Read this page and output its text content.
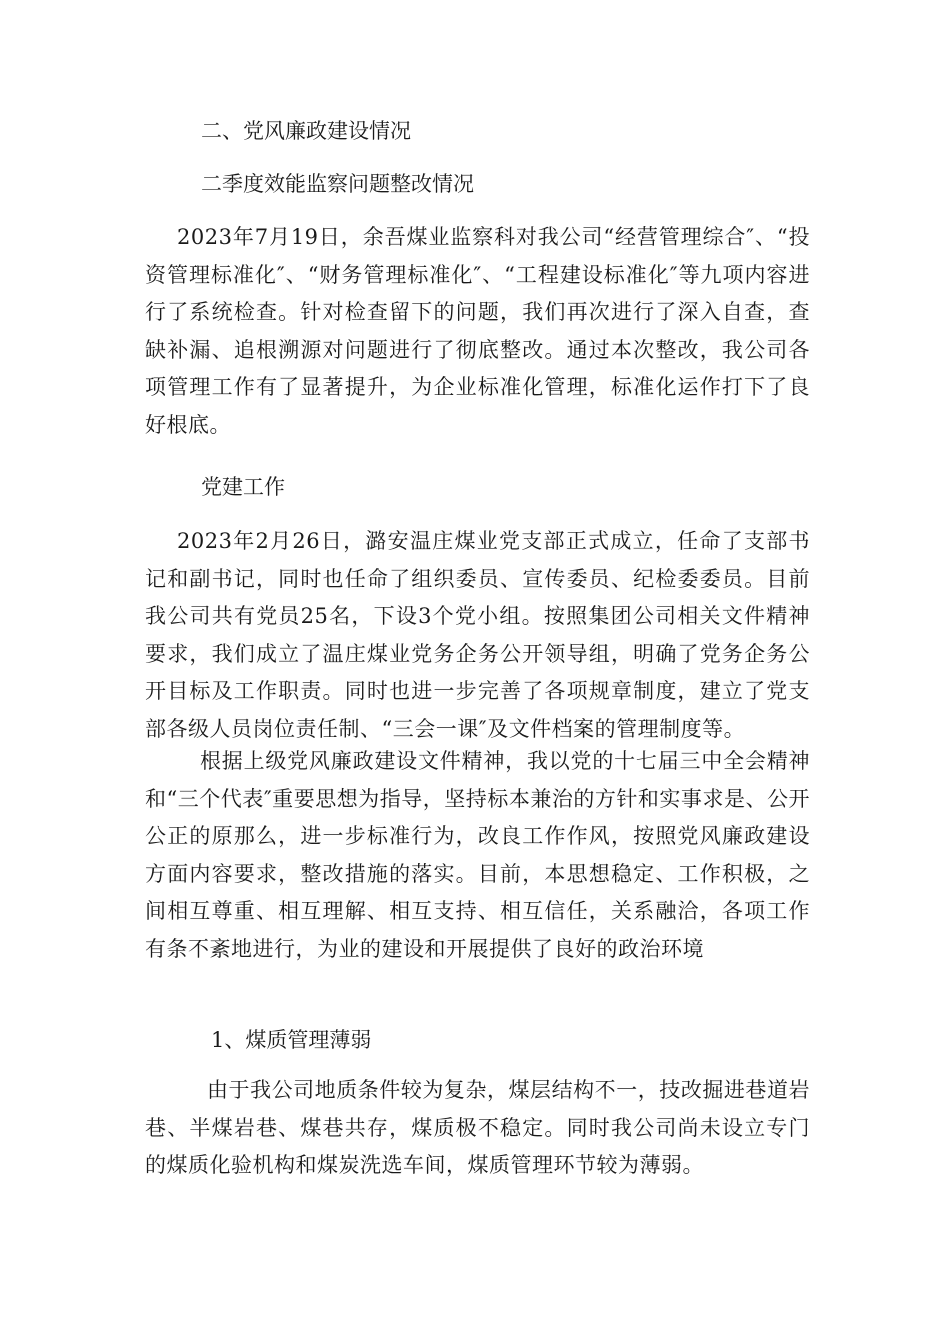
二、党风廉政建设情况
二季度效能监察问题整改情况

2023年7月19日，余吾煤业监察科对我公司“经营管理综合″、“投资管理标准化″、“财务管理标准化″、“工程建设标准化″等九项内容进行了系统检查。针对检查留下的问题，我们再次进行了深入自查，查缺补漏、追根溯源对问题进行了彻底整改。通过本次整改，我公司各项管理工作有了显著提升，为企业标准化管理，标准化运作打下了良好根底。

党建工作

2023年2月26日，潞安温庄煤业党支部正式成立，任命了支部书记和副书记，同时也任命了组织委员、宣传委员、纪检委委员。目前我公司共有党员25名，下设3个党小组。按照集团公司相关文件精神要求，我们成立了温庄煤业党务企务公开领导组，明确了党务企务公开目标及工作职责。同时也进一步完善了各项规章制度，建立了党支部各级人员岗位责任制、“三会一课″及文件档案的管理制度等。

根据上级党风廉政建设文件精神，我以党的十七届三中全会精神和“三个代表″重要思想为指导，坚持标本兼治的方针和实事求是、公开公正的原那么，进一步标准行为，改良工作作风，按照党风廉政建设方面内容要求，整改措施的落实。目前，本思想稳定、工作积极，之间相互尊重、相互理解、相互支持、相互信任，关系融洽，各项工作有条不紊地进行，为业的建设和开展提供了良好的政治环境

1、煤质管理薄弱

由于我公司地质条件较为复杂，煤层结构不一，技改掘进巷道岩巷、半煤岩巷、煤巷共存，煤质极不稳定。同时我公司尚未设立专门的煤质化验机构和煤炭洗选车间，煤质管理环节较为薄弱。
